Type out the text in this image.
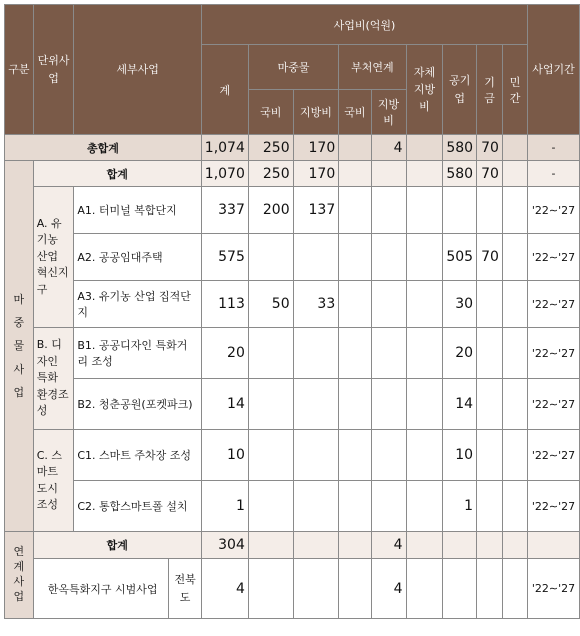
구분	단위사업	세부사업		사업비(억원)									사업기간
				계	마중물		부처연계		자체지방비	공기업	기금	민간	
					국비	지방비	국비	지방비					
총합계				1,074	250	170		4		580	70		-
마
중
물
사
업	합계			1,070	250	170				580	70		-
	A. 유기농 산업 혁신지구	A1. 터미널 복합단지		337	200	137							'22∼'27
		A2. 공공임대주택		575						505	70		'22∼'27
		A3. 유기농 산업 집적단지		113	50	33				30			'22∼'27
	B. 디자인 특화 환경조성	B1. 공공디자인 특화거리 조성		20						20			'22∼'27
		B2. 청춘공원(포켓파크)		14						14			'22∼'27
	C. 스마트 도시 조성	C1. 스마트 주차장 조성		10						10			'22∼'27
		C2. 통합스마트폴 설치		1						1			'22∼'27
연
계
사
업	합계			304				4					
	한옥특화지구 시범사업		전북도	4				4					'22∼'27
